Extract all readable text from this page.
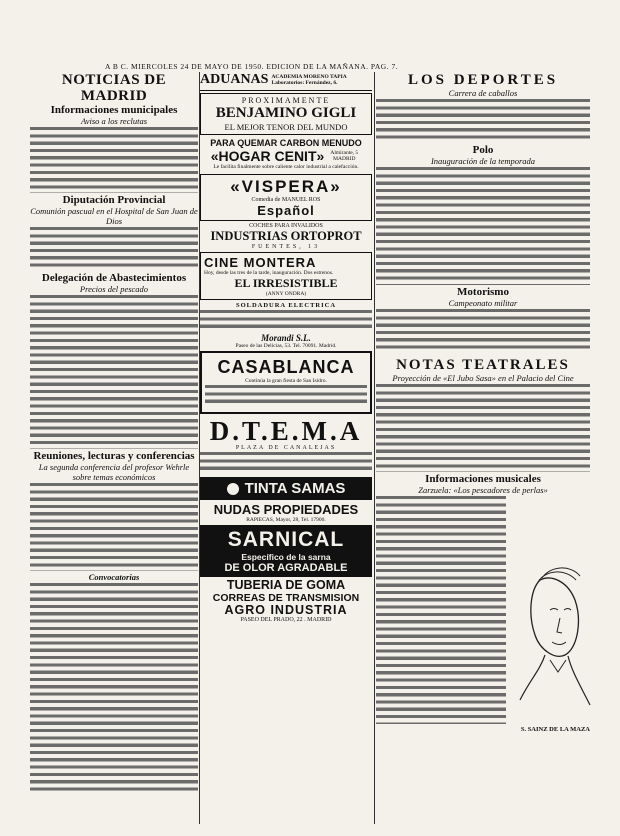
A B C. MIERCOLES 24 DE MAYO DE 1950. EDICION DE LA MAÑANA. PAG. 7.
NOTICIAS DE MADRID
Informaciones municipales
Aviso a los reclutas
Diputación Provincial
Comunión pascual en el Hospital de San Juan de Dios
Delegación de Abastecimientos
Precios del pescado
Reuniones, lecturas y conferencias
La segunda conferencia del profesor Wehrle sobre temas económicos
Convocatorias
ADUANAS ACADEMIA MORENO TAPIA Laboratorios: Fernández, 6.
PROXIMAMENTE
BENJAMINO GIGLI
EL MEJOR TENOR DEL MUNDO
PARA QUEMAR CARBON MENUDO
«HOGAR CENIT»	Almirante, 5 MADRID
Le facilita finalmente sobre caliente calor industrial a calefacción.
«VISPERA»
Comedia de MANUEL ROS
Español
COCHES PARA INVALIDOS
INDUSTRIAS ORTOPROT
FUENTES, 13
CINE MONTERA
Hoy, desde las tres de la tarde, inauguración. Dos estrenos.
EL IRRESISTIBLE
(ANNY ONDRA)
SOLDADURA ELECTRICA
Morandi S.L.
Paseo de las Delicias, 53. Tel. 70091. Madrid.
CASABLANCA
Continúa la gran fiesta de San Isidro.
D.T.E.M.A
PLAZA DE CANALEJAS
TINTA SAMAS
NUDAS PROPIEDADES
RAPIECAS, Mayor, 28, Tel. 17900.
SARNICAL
Específico de la sarna
DE OLOR AGRADABLE
TUBERIA DE GOMA
CORREAS DE TRANSMISION
AGRO INDUSTRIA
PASEO DEL PRADO, 22 . MADRID
LOS DEPORTES
Carrera de caballos
Polo
Inauguración de la temporada
Motorismo
Campeonato militar
NOTAS TEATRALES
Proyección de «El Jubo Sasa» en el Palacio del Cine
Informaciones musicales
Zarzuela: «Los pescadores de perlas»
S. SAINZ DE LA MAZA
